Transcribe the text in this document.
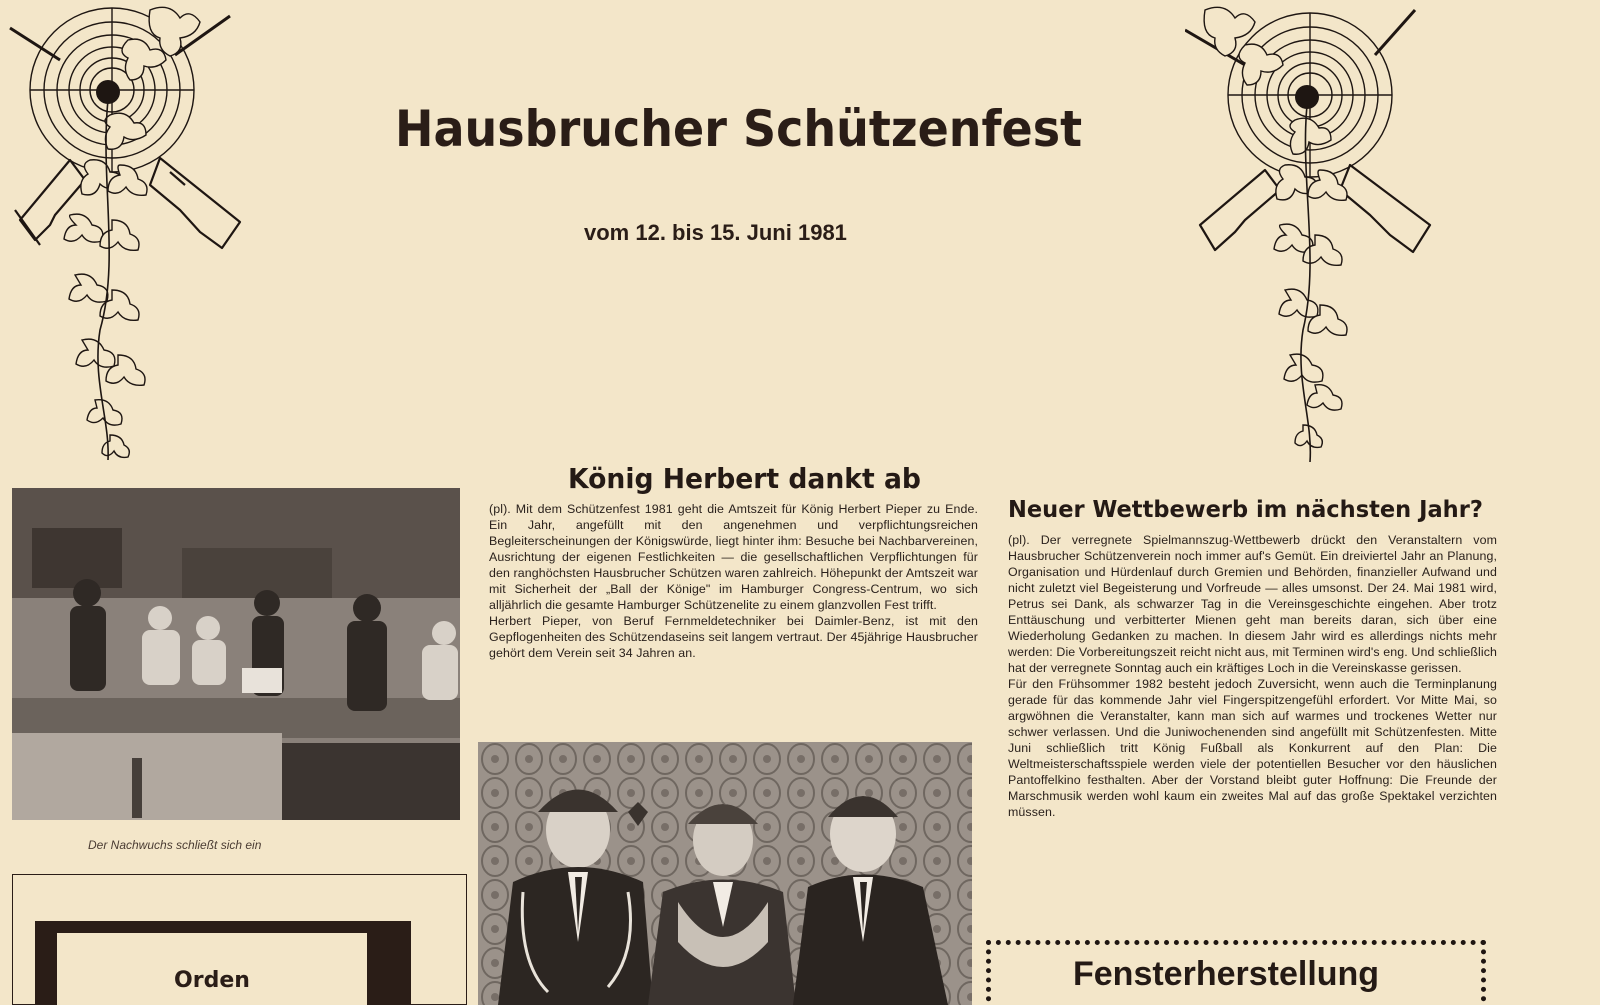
Hausbrucher Schützenfest
vom 12. bis 15. Juni 1981
Der Nachwuchs schließt sich ein
Orden
König Herbert dankt ab

(pl). Mit dem Schützenfest 1981 geht die Amtszeit für König Herbert Pieper zu Ende. Ein Jahr, angefüllt mit den angenehmen und verpflichtungsreichen Begleiterscheinungen der Königswürde, liegt hinter ihm: Besuche bei Nachbarvereinen, Ausrichtung der eigenen Festlichkeiten — die gesellschaftlichen Verpflichtungen für den ranghöchsten Hausbrucher Schützen waren zahlreich. Höhepunkt der Amtszeit war mit Sicherheit der „Ball der Könige" im Hamburger Congress-Centrum, wo sich alljährlich die gesamte Hamburger Schützenelite zu einem glanzvollen Fest trifft.

Herbert Pieper, von Beruf Fernmeldetechniker bei Daimler-Benz, ist mit den Gepflogenheiten des Schützendaseins seit langem vertraut. Der 45jährige Hausbrucher gehört dem Verein seit 34 Jahren an.

Neuer Wettbewerb im nächsten Jahr?

(pl). Der verregnete Spielmannszug-Wettbewerb drückt den Veranstaltern vom Hausbrucher Schützenverein noch immer auf's Gemüt. Ein dreiviertel Jahr an Planung, Organisation und Hürdenlauf durch Gremien und Behörden, finanzieller Aufwand und nicht zuletzt viel Begeisterung und Vorfreude — alles umsonst. Der 24. Mai 1981 wird, Petrus sei Dank, als schwarzer Tag in die Vereinsgeschichte eingehen. Aber trotz Enttäuschung und verbitterter Mienen geht man bereits daran, sich über eine Wiederholung Gedanken zu machen. In diesem Jahr wird es allerdings nichts mehr werden: Die Vorbereitungszeit reicht nicht aus, mit Terminen wird's eng. Und schließlich hat der verregnete Sonntag auch ein kräftiges Loch in die Vereinskasse gerissen.

Für den Frühsommer 1982 besteht jedoch Zuversicht, wenn auch die Terminplanung gerade für das kommende Jahr viel Fingerspitzengefühl erfordert. Vor Mitte Mai, so argwöhnen die Veranstalter, kann man sich auf warmes und trockenes Wetter nur schwer verlassen. Und die Juniwochenenden sind angefüllt mit Schützenfesten. Mitte Juni schließlich tritt König Fußball als Konkurrent auf den Plan: Die Weltmeisterschaftsspiele werden viele der potentiellen Besucher vor den häuslichen Pantoffelkino festhalten. Aber der Vorstand bleibt guter Hoffnung: Die Freunde der Marschmusik werden wohl kaum ein zweites Mal auf das große Spektakel verzichten müssen.

Fensterherstellung
